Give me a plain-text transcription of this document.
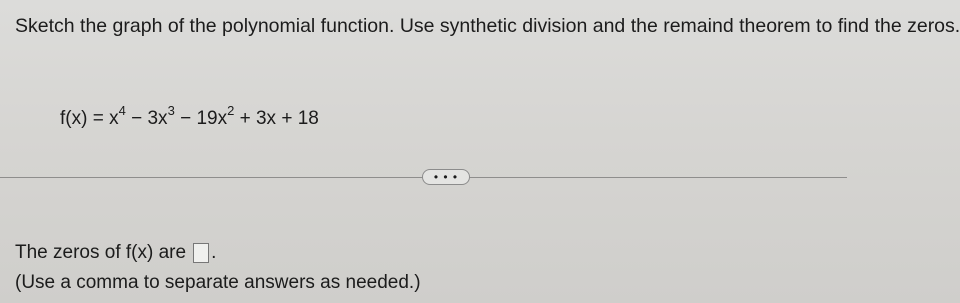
Sketch the graph of the polynomial function. Use synthetic division and the remaind theorem to find the zeros.
$f(x) = x^4 - 3x^3 - 19x^2 + 3x + 18$
• • •
The zeros of f(x) are .
(Use a comma to separate answers as needed.)
